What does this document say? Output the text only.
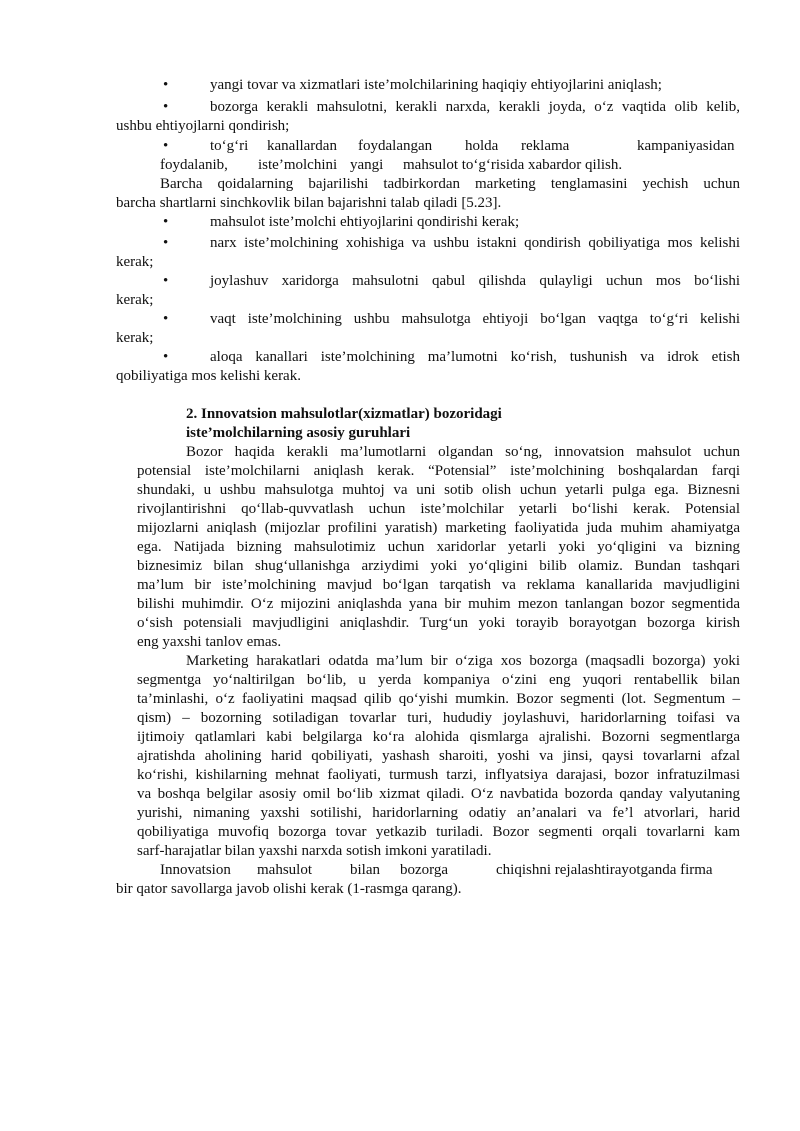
•	yangi tovar va xizmatlari iste’molchilarining haqiqiy ehtiyojlarini aniqlash;
•	bozorga kerakli mahsulotni, kerakli narxda, kerakli joyda, o‘z vaqtida olib kelib,
ushbu ehtiyojlarni qondirish;
•	to‘g‘ri kanallardan foydalangan holda reklama	kampaniyasidan
foydalanib, iste’molchini yangi mahsulot to‘g‘risida xabardor qilish.
Barcha qoidalarning bajarilishi tadbirkordan marketing tenglamasini yechish uchun
barcha shartlarni sinchkovlik bilan bajarishni talab qiladi [5.23].
•	mahsulot iste’molchi ehtiyojlarini qondirishi kerak;
•	narx iste’molchining xohishiga va ushbu istakni qondirish qobiliyatiga mos kelishi
kerak;
•	joylashuv xaridorga mahsulotni qabul qilishda qulayligi uchun mos bo‘lishi
kerak;
•	vaqt iste’molchining ushbu mahsulotga ehtiyoji bo‘lgan vaqtga to‘g‘ri kelishi
kerak;
•	aloqa kanallari iste’molchining ma’lumotni ko‘rish, tushunish va idrok etish
qobiliyatiga mos kelishi kerak.
2. Innovatsion mahsulotlar(xizmatlar) bozoridagi
iste’molchilarning asosiy guruhlari
Bozor haqida kerakli ma’lumotlarni olgandan so‘ng, innovatsion mahsulot uchun
potensial iste’molchilarni aniqlash kerak. “Potensial” iste’molchining boshqalardan farqi
shundaki, u ushbu mahsulotga muhtoj va uni sotib olish uchun yetarli pulga ega. Biznesni
rivojlantirishni qo‘llab-quvvatlash uchun iste’molchilar yetarli bo‘lishi kerak. Potensial
mijozlarni aniqlash (mijozlar profilini yaratish) marketing faoliyatida juda muhim ahamiyatga
ega. Natijada bizning mahsulotimiz uchun xaridorlar yetarli yoki yo‘qligini va bizning
biznesimiz bilan shug‘ullanishga arziydimi yoki yo‘qligini bilib olamiz. Bundan tashqari
ma’lum bir iste’molchining mavjud bo‘lgan tarqatish va reklama kanallarida mavjudligini
bilishi muhimdir. O‘z mijozini aniqlashda yana bir muhim mezon tanlangan bozor segmentida
o‘sish potensiali mavjudligini aniqlashdir. Turg‘un yoki torayib borayotgan bozorga kirish
eng yaxshi tanlov emas.
Marketing harakatlari odatda ma’lum bir o‘ziga xos bozorga (maqsadli bozorga) yoki
segmentga yo‘naltirilgan bo‘lib, u yerda kompaniya o‘zini eng yuqori rentabellik bilan
ta’minlashi, o‘z faoliyatini maqsad qilib qo‘yishi mumkin. Bozor segmenti (lot. Segmentum –
qism) – bozorning sotiladigan tovarlar turi, hududiy joylashuvi, haridorlarning toifasi va
ijtimoiy qatlamlari kabi belgilarga ko‘ra alohida qismlarga ajralishi. Bozorni segmentlarga
ajratishda aholining harid qobiliyati, yashash sharoiti, yoshi va jinsi, qaysi tovarlarni afzal
ko‘rishi, kishilarning mehnat faoliyati, turmush tarzi, inflyatsiya darajasi, bozor infratuzilmasi
va boshqa belgilar asosiy omil bo‘lib xizmat qiladi. O‘z navbatida bozorda qanday valyutaning
yurishi, nimaning yaxshi sotilishi, haridorlarning odatiy an’analari va fe’l atvorlari, harid
qobiliyatiga muvofiq bozorga tovar yetkazib turiladi. Bozor segmenti orqali tovarlarni kam
sarf-harajatlar bilan yaxshi narxda sotish imkoni yaratiladi.
Innovatsion mahsulot	bilan bozorga	chiqishni rejalashtirayotganda firma
bir qator savollarga javob olishi kerak (1-rasmga qarang).
